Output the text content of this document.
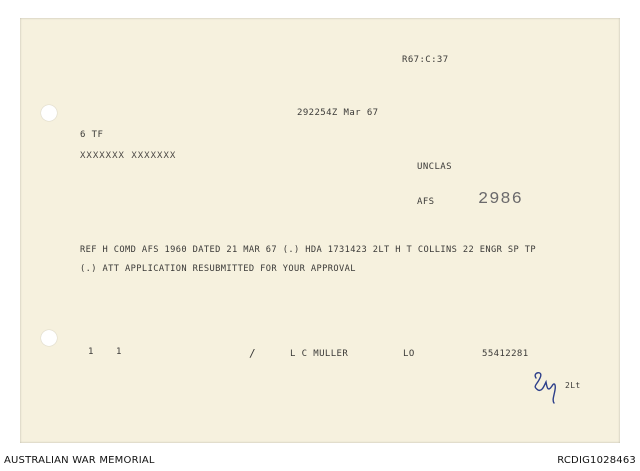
R67:C:37
292254Z Mar 67
6 TF
XXXXXXX XXXXXXX
UNCLAS
AFS	2986
REF H COMD AFS 1960 DATED 21 MAR 67 (.) HDA 1731423 2LT H T COLLINS 22 ENGR SP TP
(.) ATT APPLICATION RESUBMITTED FOR YOUR APPROVAL
1 1	/	L C MULLER	LO	55412281
2Lt
AUSTRALIAN WAR MEMORIAL	RCDIG1028463
